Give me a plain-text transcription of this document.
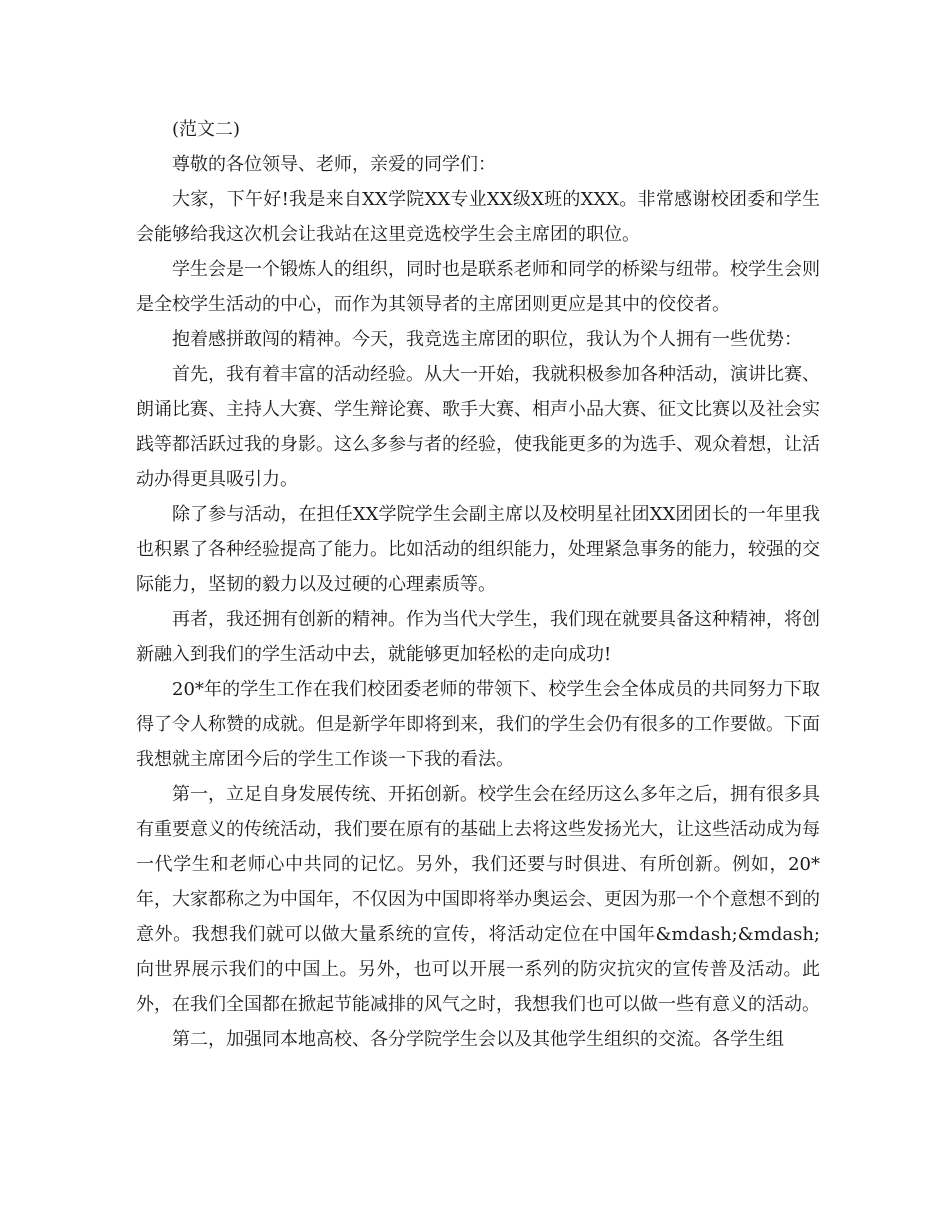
(范文二)

尊敬的各位领导、老师，亲爱的同学们：

大家，下午好!我是来自XX学院XX专业XX级X班的XXX。非常感谢校团委和学生会能够给我这次机会让我站在这里竞选校学生会主席团的职位。

学生会是一个锻炼人的组织，同时也是联系老师和同学的桥梁与纽带。校学生会则是全校学生活动的中心，而作为其领导者的主席团则更应是其中的佼佼者。

抱着感拼敢闯的精神。今天，我竞选主席团的职位，我认为个人拥有一些优势：

首先，我有着丰富的活动经验。从大一开始，我就积极参加各种活动，演讲比赛、朗诵比赛、主持人大赛、学生辩论赛、歌手大赛、相声小品大赛、征文比赛以及社会实践等都活跃过我的身影。这么多参与者的经验，使我能更多的为选手、观众着想，让活动办得更具吸引力。

除了参与活动，在担任XX学院学生会副主席以及校明星社团XX团团长的一年里我也积累了各种经验提高了能力。比如活动的组织能力，处理紧急事务的能力，较强的交际能力，坚韧的毅力以及过硬的心理素质等。

再者，我还拥有创新的精神。作为当代大学生，我们现在就要具备这种精神，将创新融入到我们的学生活动中去，就能够更加轻松的走向成功!

20*年的学生工作在我们校团委老师的带领下、校学生会全体成员的共同努力下取得了令人称赞的成就。但是新学年即将到来，我们的学生会仍有很多的工作要做。下面我想就主席团今后的学生工作谈一下我的看法。

第一，立足自身发展传统、开拓创新。校学生会在经历这么多年之后，拥有很多具有重要意义的传统活动，我们要在原有的基础上去将这些发扬光大，让这些活动成为每一代学生和老师心中共同的记忆。另外，我们还要与时俱进、有所创新。例如，20*年，大家都称之为中国年，不仅因为中国即将举办奥运会、更因为那一个个意想不到的意外。我想我们就可以做大量系统的宣传，将活动定位在中国年&mdash;&mdash;向世界展示我们的中国上。另外，也可以开展一系列的防灾抗灾的宣传普及活动。此外，在我们全国都在掀起节能减排的风气之时，我想我们也可以做一些有意义的活动。

第二，加强同本地高校、各分学院学生会以及其他学生组织的交流。各学生组
